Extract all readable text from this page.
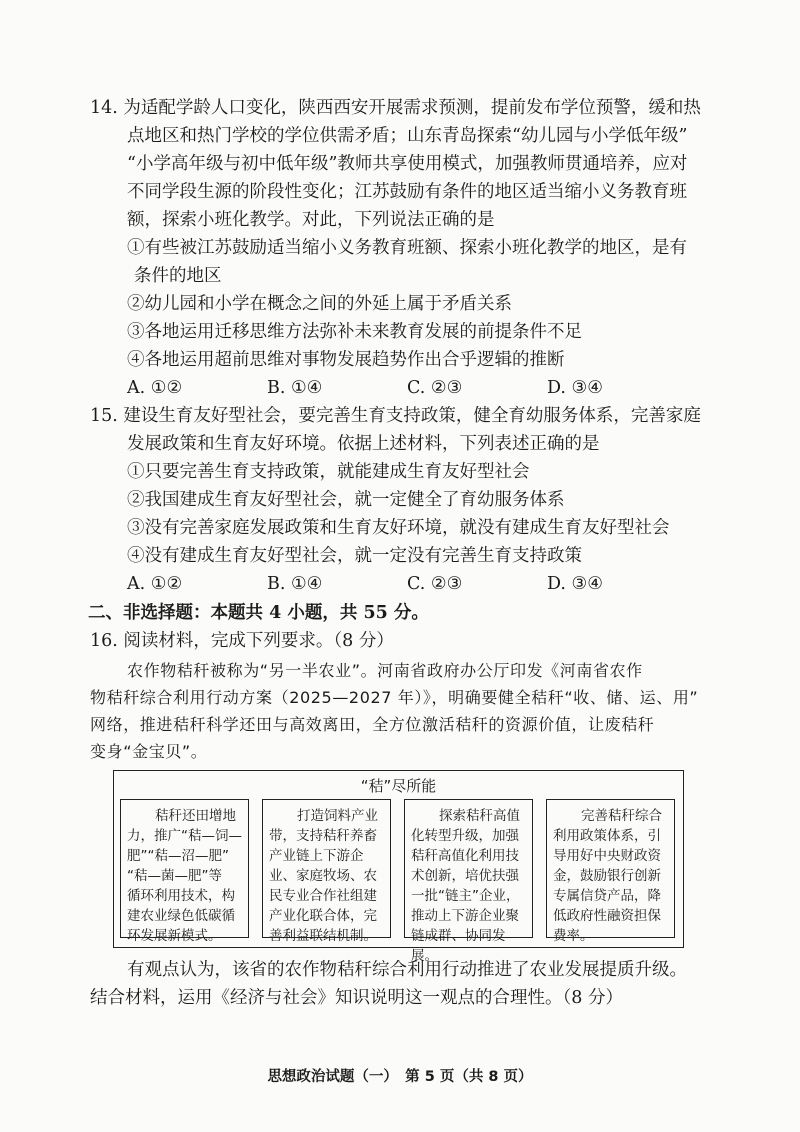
14. 为适配学龄人口变化，陕西西安开展需求预测，提前发布学位预警，缓和热
点地区和热门学校的学位供需矛盾；山东青岛探索“幼儿园与小学低年级”
“小学高年级与初中低年级”教师共享使用模式，加强教师贯通培养，应对
不同学段生源的阶段性变化；江苏鼓励有条件的地区适当缩小义务教育班
额，探索小班化教学。对此，下列说法正确的是
①有些被江苏鼓励适当缩小义务教育班额、探索小班化教学的地区，是有
条件的地区
②幼儿园和小学在概念之间的外延上属于矛盾关系
③各地运用迁移思维方法弥补未来教育发展的前提条件不足
④各地运用超前思维对事物发展趋势作出合乎逻辑的推断
A. ①②	B. ①④	C. ②③	D. ③④
15. 建设生育友好型社会，要完善生育支持政策，健全育幼服务体系，完善家庭
发展政策和生育友好环境。依据上述材料，下列表述正确的是
①只要完善生育支持政策，就能建成生育友好型社会
②我国建成生育友好型社会，就一定健全了育幼服务体系
③没有完善家庭发展政策和生育友好环境，就没有建成生育友好型社会
④没有建成生育友好型社会，就一定没有完善生育支持政策
A. ①②	B. ①④	C. ②③	D. ③④
二、非选择题：本题共 4 小题，共 55 分。
16. 阅读材料，完成下列要求。（8 分）
农作物秸秆被称为“另一半农业”。河南省政府办公厅印发《河南省农作
物秸秆综合利用行动方案（2025—2027 年）》，明确要健全秸秆“收、储、运、用”
网络，推进秸秆科学还田与高效离田，全方位激活秸秆的资源价值，让废秸秆
变身“金宝贝”。
“秸”尽所能
秸秆还田增地
力，推广“秸—饲—
肥”“秸—沼—肥”
“秸—菌—肥”等
循环利用技术，构
建农业绿色低碳循
环发展新模式。
打造饲料产业
带，支持秸秆养畜
产业链上下游企
业、家庭牧场、农
民专业合作社组建
产业化联合体，完
善利益联结机制。
探索秸秆高值
化转型升级，加强
秸秆高值化利用技
术创新，培优扶强
一批“链主”企业，
推动上下游企业聚
链成群、协同发展。
完善秸秆综合
利用政策体系，引
导用好中央财政资
金，鼓励银行创新
专属信贷产品，降
低政府性融资担保
费率。
有观点认为，该省的农作物秸秆综合利用行动推进了农业发展提质升级。
结合材料，运用《经济与社会》知识说明这一观点的合理性。（8 分）
思想政治试题（一）　第 5 页（共 8 页）
